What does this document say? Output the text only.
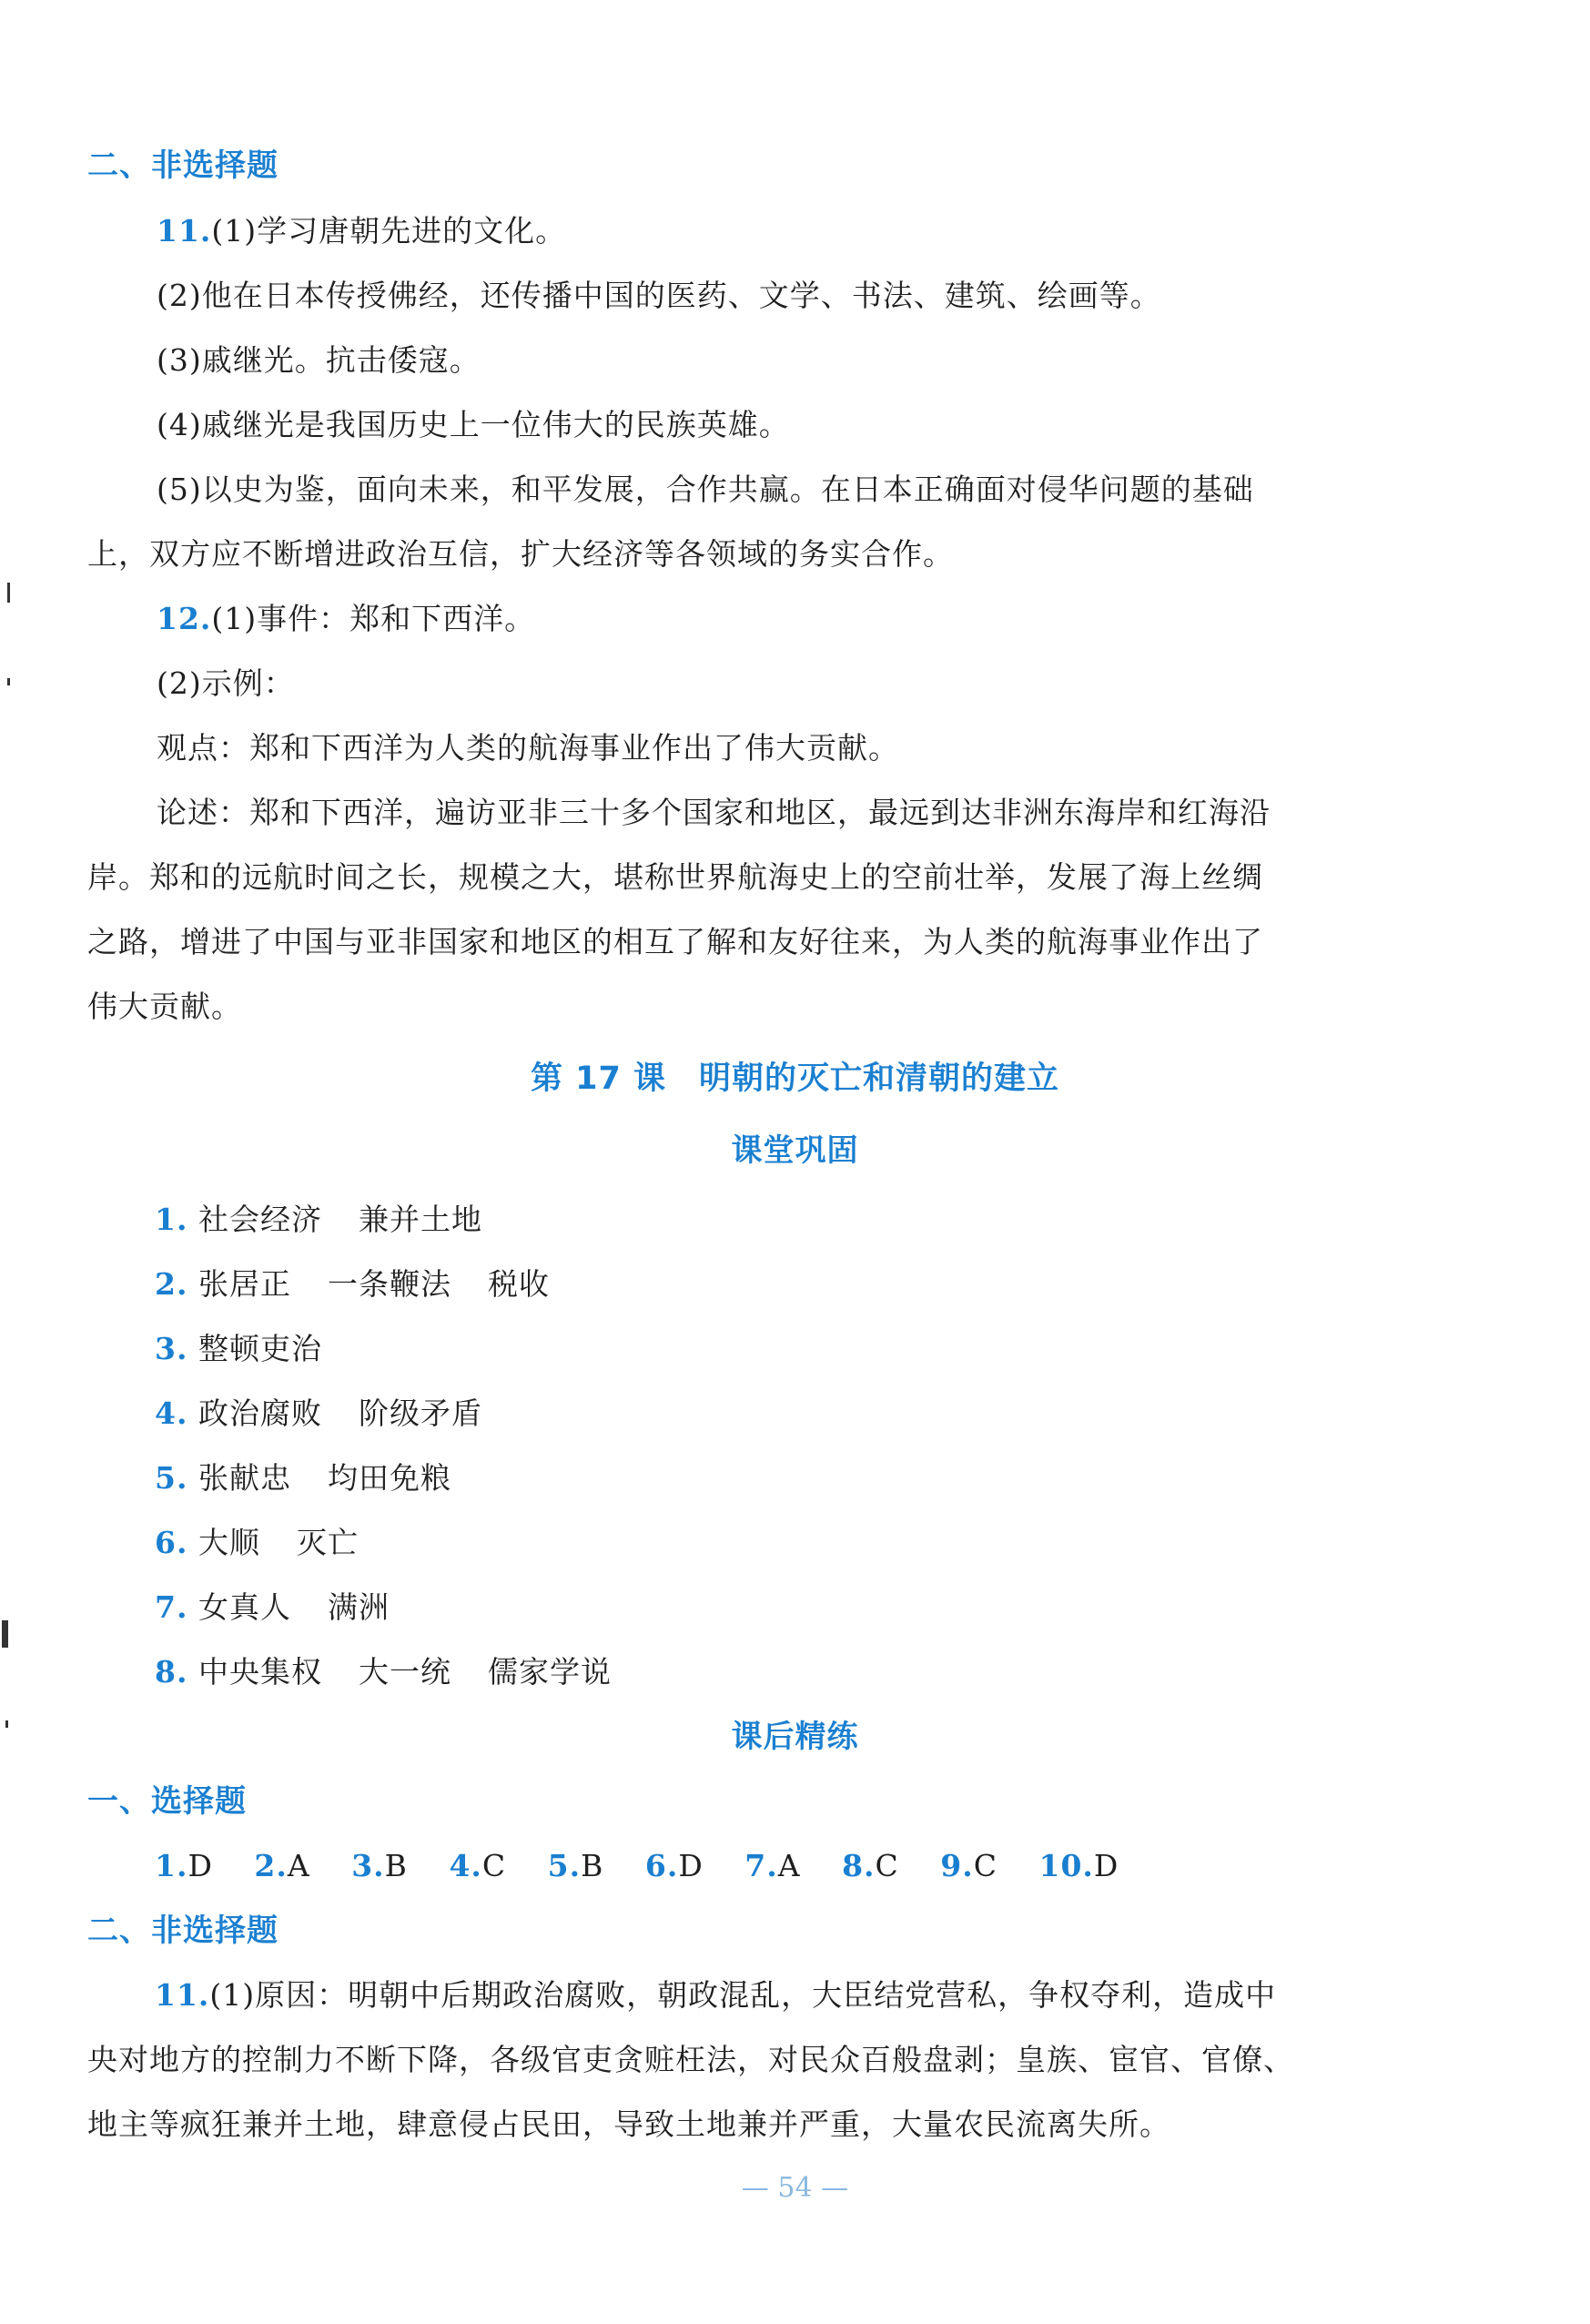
二、非选择题
11.(1)学习唐朝先进的文化。
(2)他在日本传授佛经，还传播中国的医药、文学、书法、建筑、绘画等。
(3)戚继光。抗击倭寇。
(4)戚继光是我国历史上一位伟大的民族英雄。
(5)以史为鉴，面向未来，和平发展，合作共赢。在日本正确面对侵华问题的基础
上，双方应不断增进政治互信，扩大经济等各领域的务实合作。
12.(1)事件：郑和下西洋。
(2)示例：
观点：郑和下西洋为人类的航海事业作出了伟大贡献。
论述：郑和下西洋，遍访亚非三十多个国家和地区，最远到达非洲东海岸和红海沿
岸。郑和的远航时间之长，规模之大，堪称世界航海史上的空前壮举，发展了海上丝绸
之路，增进了中国与亚非国家和地区的相互了解和友好往来，为人类的航海事业作出了
伟大贡献。
第 17 课　明朝的灭亡和清朝的建立
课堂巩固
1. 社会经济 兼并土地
2. 张居正 一条鞭法 税收
3. 整顿吏治
4. 政治腐败 阶级矛盾
5. 张献忠 均田免粮
6. 大顺 灭亡
7. 女真人 满洲
8. 中央集权 大一统 儒家学说
课后精练
一、选择题
1.D 2.A 3.B 4.C 5.B 6.D 7.A 8.C 9.C 10.D
二、非选择题
11.(1)原因：明朝中后期政治腐败，朝政混乱，大臣结党营私，争权夺利，造成中
央对地方的控制力不断下降，各级官吏贪赃枉法，对民众百般盘剥；皇族、宦官、官僚、
地主等疯狂兼并土地，肆意侵占民田，导致土地兼并严重，大量农民流离失所。
— 54 —
